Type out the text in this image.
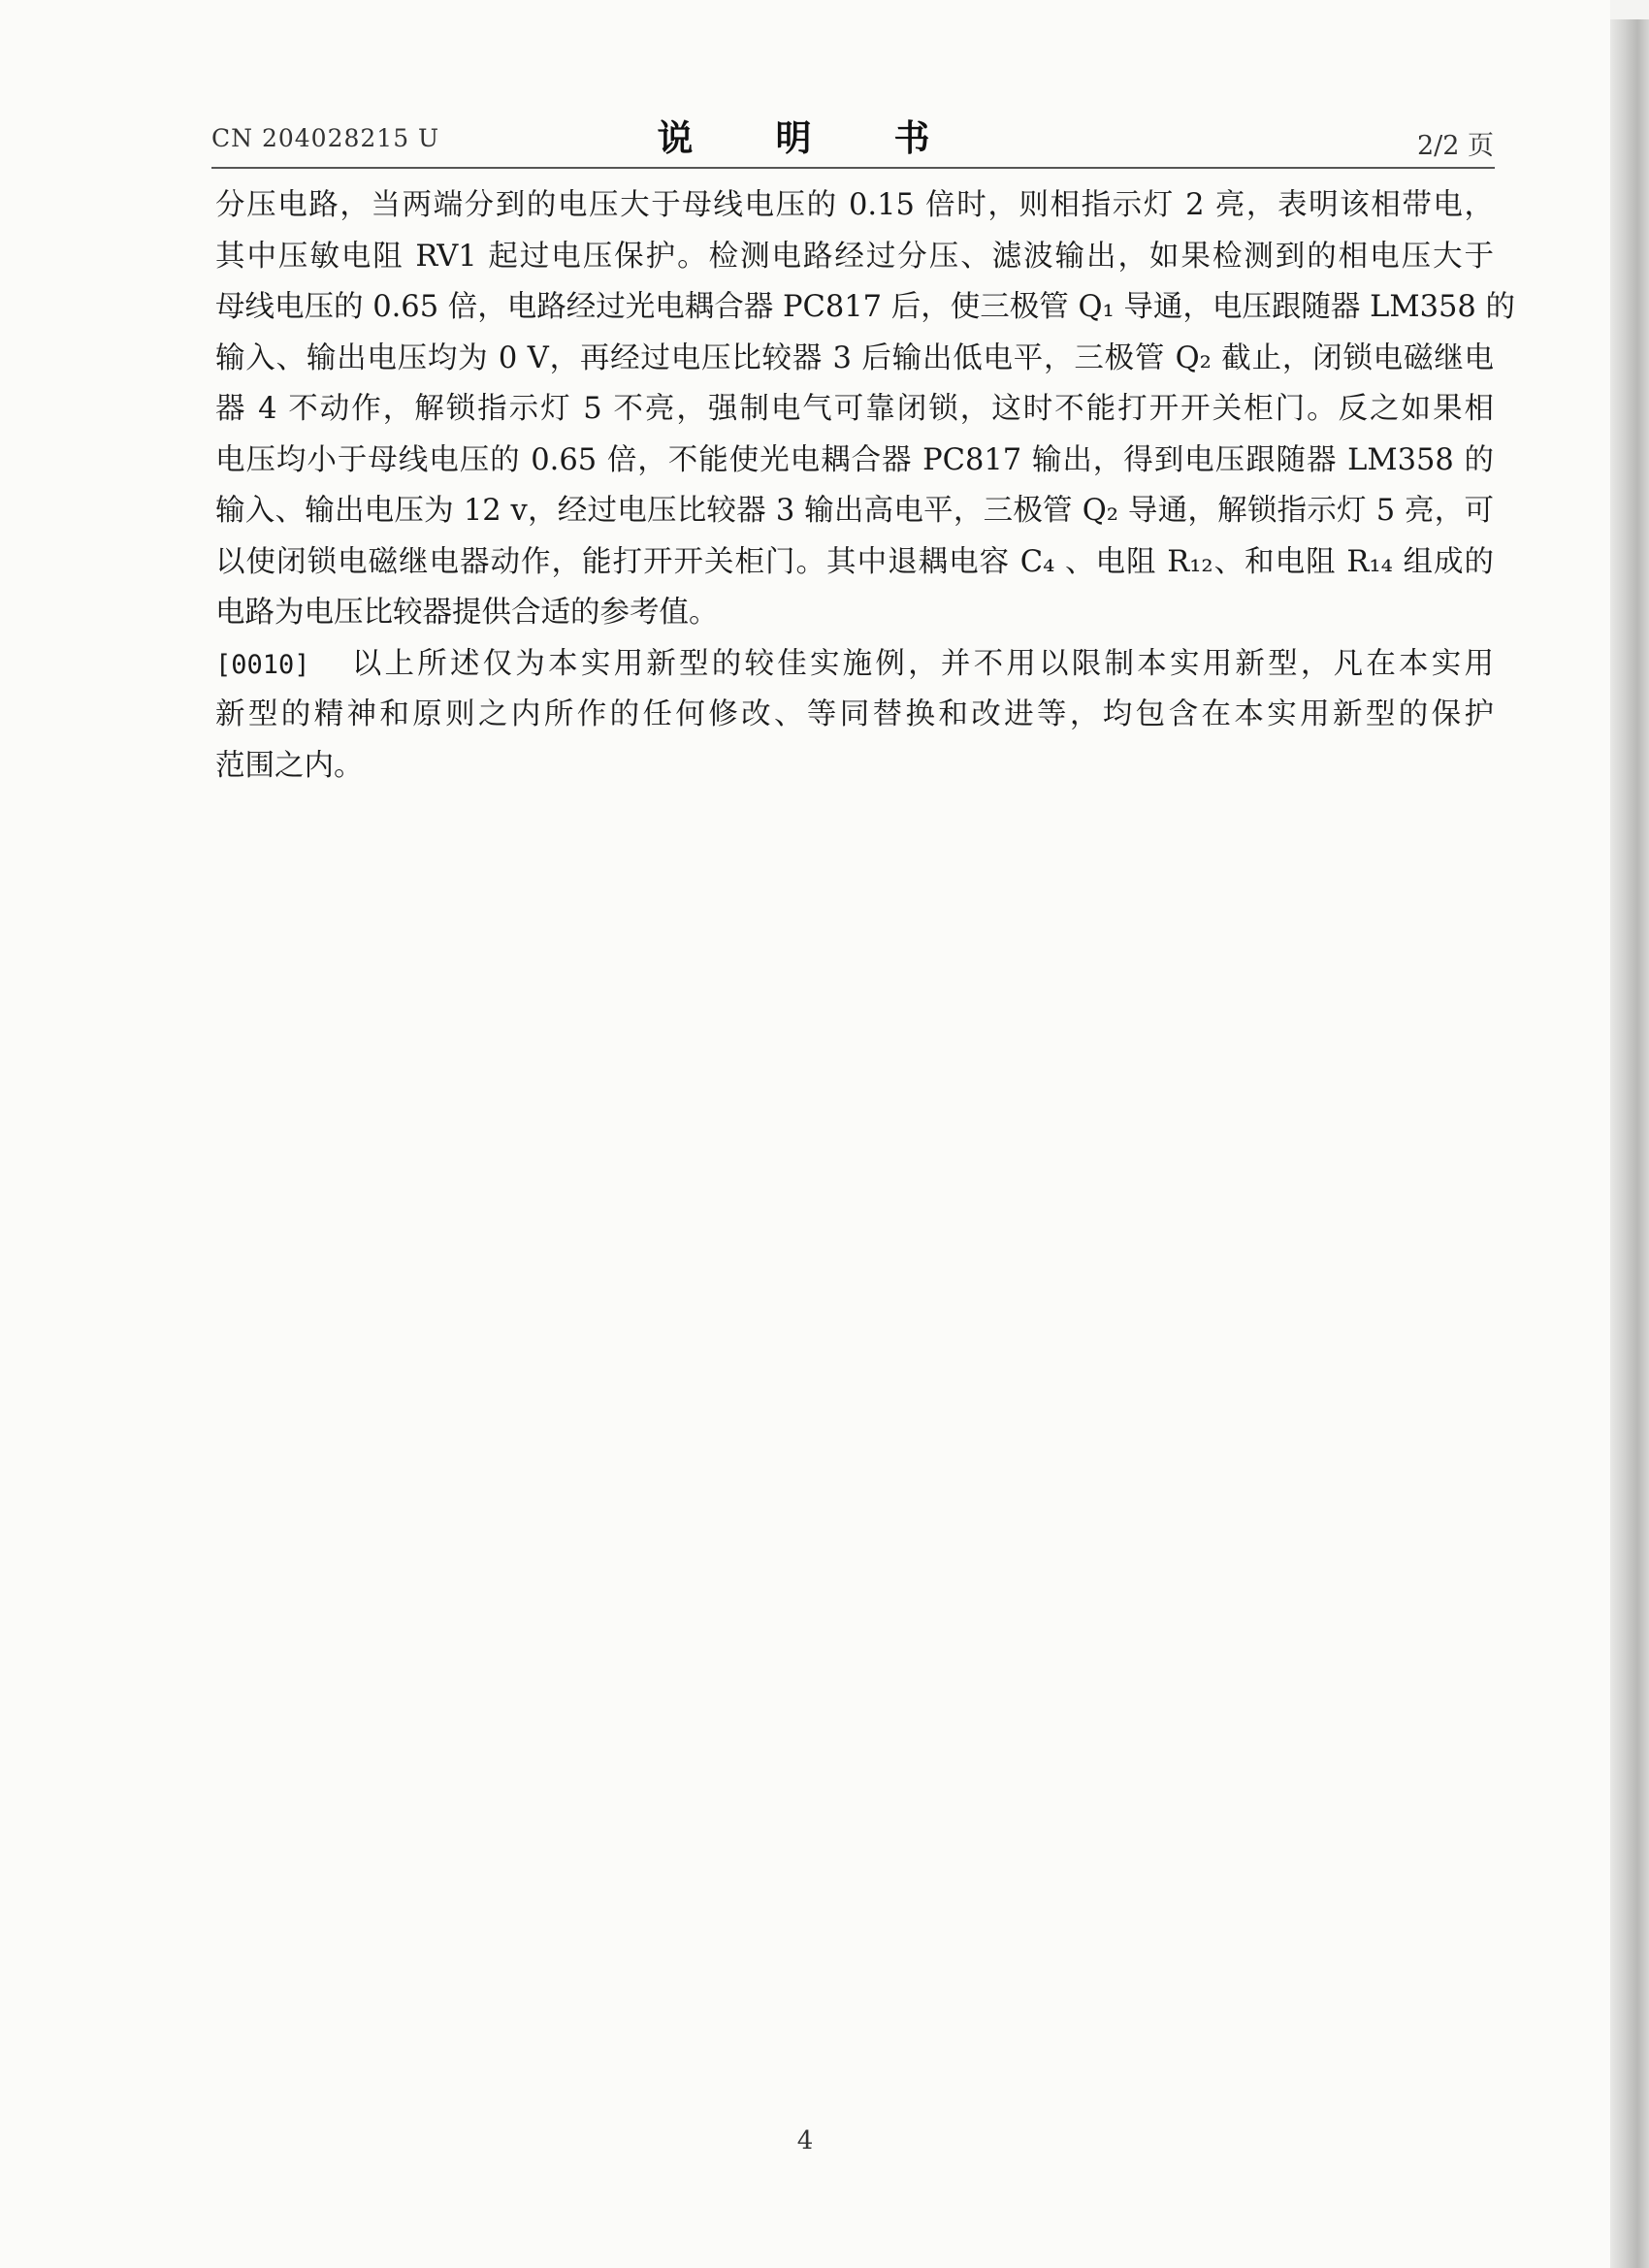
CN 204028215 U	说　明　书	2/2 页
分压电路，当两端分到的电压大于母线电压的 0.15 倍时，则相指示灯 2 亮，表明该相带电，
其中压敏电阻 RV1 起过电压保护。检测电路经过分压、滤波输出，如果检测到的相电压大于
母线电压的 0.65 倍，电路经过光电耦合器 PC817 后，使三极管 Q₁ 导通，电压跟随器 LM358 的
输入、输出电压均为 0 V，再经过电压比较器 3 后输出低电平，三极管 Q₂ 截止，闭锁电磁继电
器 4 不动作，解锁指示灯 5 不亮，强制电气可靠闭锁，这时不能打开开关柜门。反之如果相
电压均小于母线电压的 0.65 倍，不能使光电耦合器 PC817 输出，得到电压跟随器 LM358 的
输入、输出电压为 12 v，经过电压比较器 3 输出高电平，三极管 Q₂ 导通，解锁指示灯 5 亮，可
以使闭锁电磁继电器动作，能打开开关柜门。其中退耦电容 C₄ 、电阻 R₁₂、和电阻 R₁₄ 组成的
电路为电压比较器提供合适的参考值。
[0010] 以上所述仅为本实用新型的较佳实施例，并不用以限制本实用新型，凡在本实用
新型的精神和原则之内所作的任何修改、等同替换和改进等，均包含在本实用新型的保护
范围之内。
4
